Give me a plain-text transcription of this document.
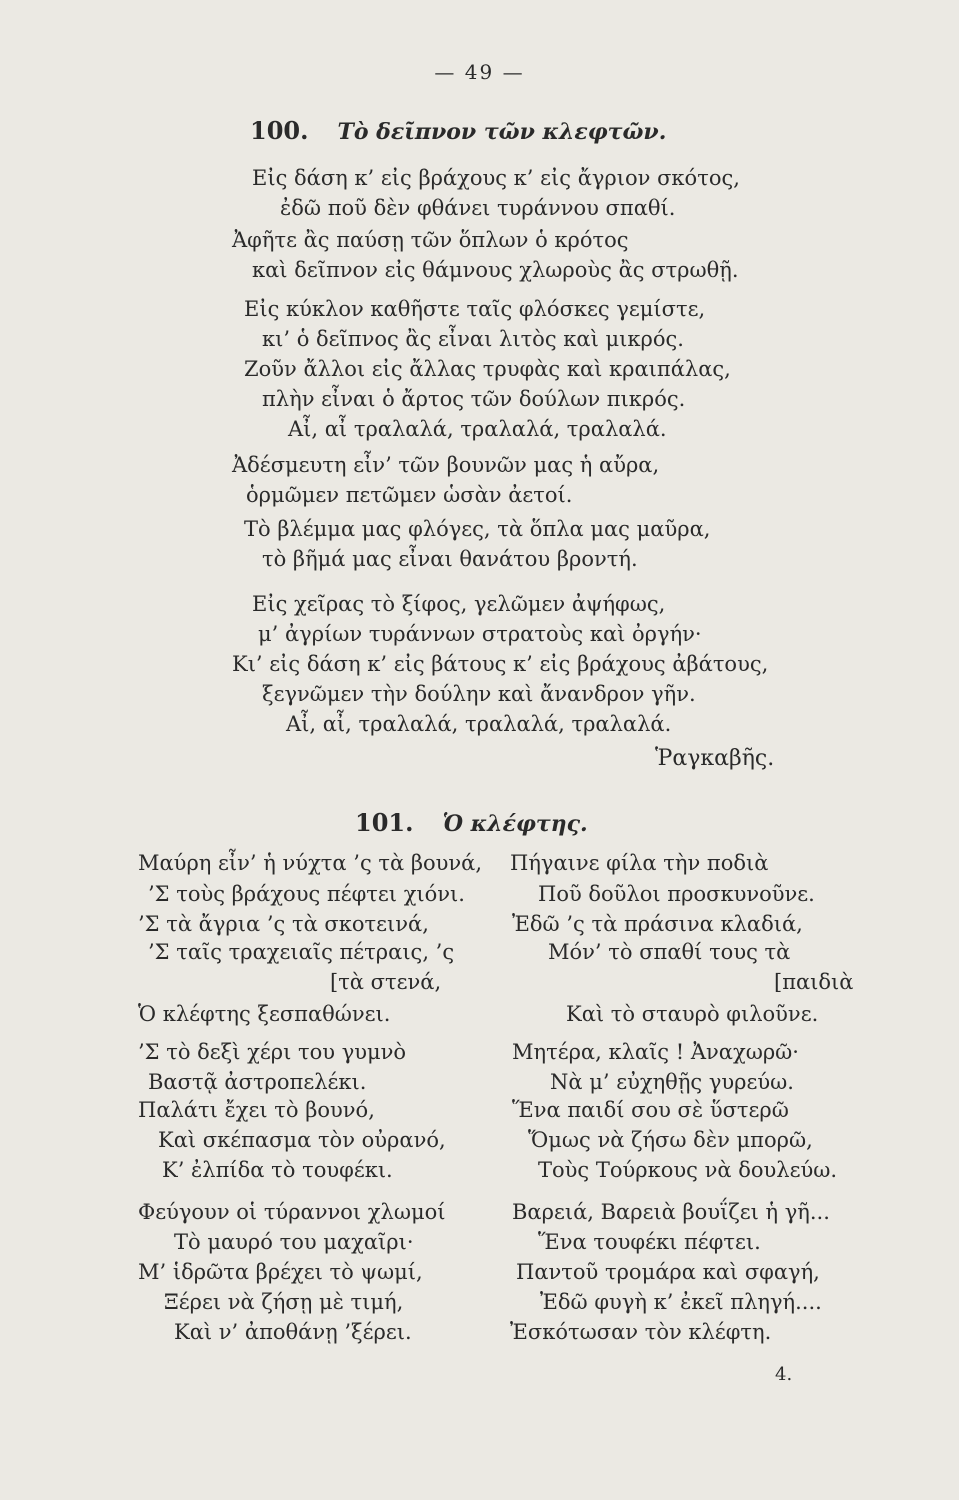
— 49 —
100. Τὸ δεῖπνον τῶν κλεφτῶν.
Εἰς δάση κ’ εἰς βράχους κ’ εἰς ἄγριον σκότος,
ἐδῶ ποῦ δὲν φθάνει τυράννου σπαθί.
Ἀφῆτε ἂς παύσῃ τῶν ὅπλων ὁ κρότος
καὶ δεῖπνον εἰς θάμνους χλωροὺς ἂς στρωθῇ.
Εἰς κύκλον καθῆστε ταῖς φλόσκες γεμίστε,
κι’ ὁ δεῖπνος ἂς εἶναι λιτὸς καὶ μικρός.
Ζοῦν ἄλλοι εἰς ἄλλας τρυφὰς καὶ κραιπάλας,
πλὴν εἶναι ὁ ἄρτος τῶν δούλων πικρός.
Αἶ, αἶ τραλαλά, τραλαλά, τραλαλά.
Ἀδέσμευτη εἶν’ τῶν βουνῶν μας ἡ αὔρα,
ὁρμῶμεν πετῶμεν ὡσὰν ἀετοί.
Τὸ βλέμμα μας φλόγες, τὰ ὅπλα μας μαῦρα,
τὸ βῆμά μας εἶναι θανάτου βροντή.
Εἰς χεῖρας τὸ ξίφος, γελῶμεν ἀψήφως,
μ’ ἀγρίων τυράννων στρατοὺς καὶ ὀργήν·
Κι’ εἰς δάση κ’ εἰς βάτους κ’ εἰς βράχους ἀβάτους,
ξεγνῶμεν τὴν δούλην καὶ ἄνανδρον γῆν.
Αἶ, αἶ, τραλαλά, τραλαλά, τραλαλά.
Ῥαγκαβῆς.
101. Ὁ κλέφτης.
Μαύρη εἶν’ ἡ νύχτα ’ς τὰ βουνά,
’Σ τοὺς βράχους πέφτει χιόνι.
’Σ τὰ ἄγρια ’ς τὰ σκοτεινά,
’Σ ταῖς τραχειαῖς πέτραις, ’ς
[τὰ στενά,
Ὁ κλέφτης ξεσπαθώνει.
’Σ τὸ δεξὶ χέρι του γυμνὸ
Βαστᾷ ἀστροπελέκι.
Παλάτι ἔχει τὸ βουνό,
Καὶ σκέπασμα τὸν οὐρανό,
Κ’ ἐλπίδα τὸ τουφέκι.
Φεύγουν οἱ τύραννοι χλωμοί
Τὸ μαυρό του μαχαῖρι·
Μ’ ἱδρῶτα βρέχει τὸ ψωμί,
Ξέρει νὰ ζήσῃ μὲ τιμή,
Καὶ ν’ ἀποθάνῃ ’ξέρει.
Πήγαινε φίλα τὴν ποδιὰ
Ποῦ δοῦλοι προσκυνοῦνε.
Ἐδῶ ’ς τὰ πράσινα κλαδιά,
Μόν’ τὸ σπαθί τους τὰ
[παιδιὰ
Καὶ τὸ σταυρὸ φιλοῦνε.
Μητέρα, κλαῖς ! Ἀναχωρῶ·
Νὰ μ’ εὐχηθῇς γυρεύω.
Ἕνα παιδί σου σὲ ὕστερῶ
Ὅμως νὰ ζήσω δὲν μπορῶ,
Τοὺς Τούρκους νὰ δουλεύω.
Βαρειά, Βαρειὰ βουΐζει ἡ γῆ...
Ἕνα τουφέκι πέφτει.
Παντοῦ τρομάρα καὶ σφαγή,
Ἐδῶ φυγὴ κ’ ἐκεῖ πληγή....
Ἐσκότωσαν τὸν κλέφτη.
4.
